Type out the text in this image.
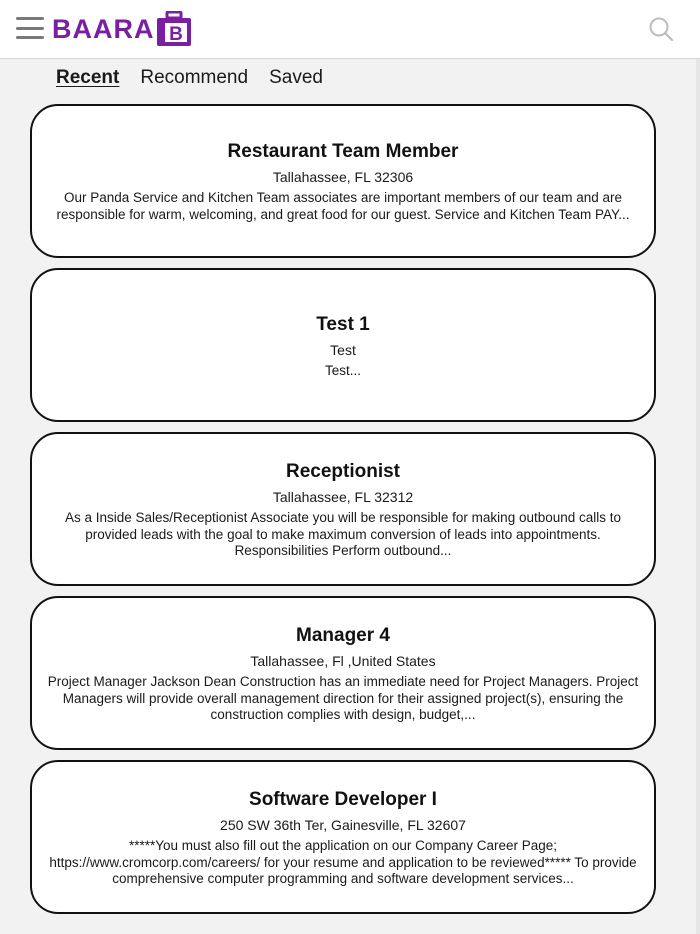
BAARA B
Recent Recommend Saved
Restaurant Team Member
Tallahassee, FL 32306
Our Panda Service and Kitchen Team associates are important members of our team and are responsible for warm, welcoming, and great food for our guest. Service and Kitchen Team PAY...
Test 1
Test
Test...
Receptionist
Tallahassee, FL 32312
As a Inside Sales/Receptionist Associate you will be responsible for making outbound calls to provided leads with the goal to make maximum conversion of leads into appointments. Responsibilities Perform outbound...
Manager 4
Tallahassee, Fl ,United States
Project Manager Jackson Dean Construction has an immediate need for Project Managers. Project Managers will provide overall management direction for their assigned project(s), ensuring the construction complies with design, budget,...
Software Developer I
250 SW 36th Ter, Gainesville, FL 32607
*****You must also fill out the application on our Company Career Page; https://www.cromcorp.com/careers/ for your resume and application to be reviewed***** To provide comprehensive computer programming and software development services...
